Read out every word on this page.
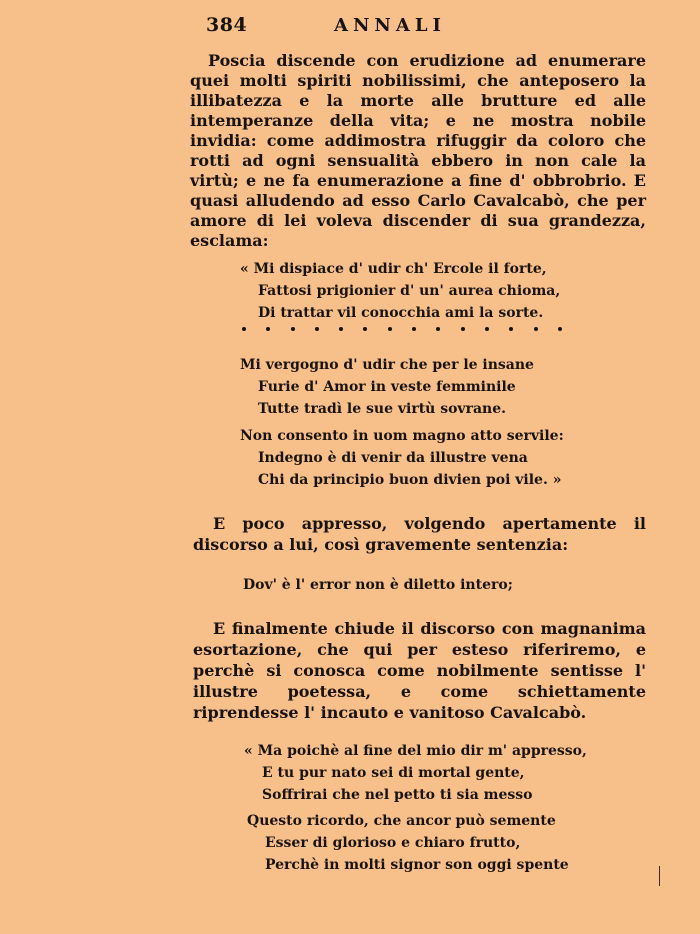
384	ANNALI
Poscia discende con erudizione ad enumerare quei molti spiriti nobilissimi, che anteposero la illibatezza e la morte alle brutture ed alle intemperanze della vita; e ne mostra nobile invidia: come addimostra rifuggir da coloro che rotti ad ogni sensualità ebbero in non cale la virtù; e ne fa enumerazione a fine d' obbrobrio. E quasi alludendo ad esso Carlo Cavalcabò, che per amore di lei voleva discender di sua grandezza, esclama:
« Mi dispiace d' udir ch' Ercole il forte,
Fattosi prigionier d' un' aurea chioma,
Di trattar vil conocchia ami la sorte.
Mi vergogno d' udir che per le insane
Furie d' Amor in veste femminile
Tutte tradì le sue virtù sovrane.
Non consento in uom magno atto servile:
Indegno è di venir da illustre vena
Chi da principio buon divien poi vile. »
E poco appresso, volgendo apertamente il discorso a lui, così gravemente sentenzia:
Dov' è l' error non è diletto intero;
E finalmente chiude il discorso con magnanima esortazione, che qui per esteso riferiremo, e perchè si conosca come nobilmente sentisse l' illustre poetessa, e come schiettamente riprendesse l' incauto e vanitoso Cavalcabò.
« Ma poichè al fine del mio dir m' appresso,
E tu pur nato sei di mortal gente,
Soffrirai che nel petto ti sia messo
Questo ricordo, che ancor può semente
Esser di glorioso e chiaro frutto,
Perchè in molti signor son oggi spente
